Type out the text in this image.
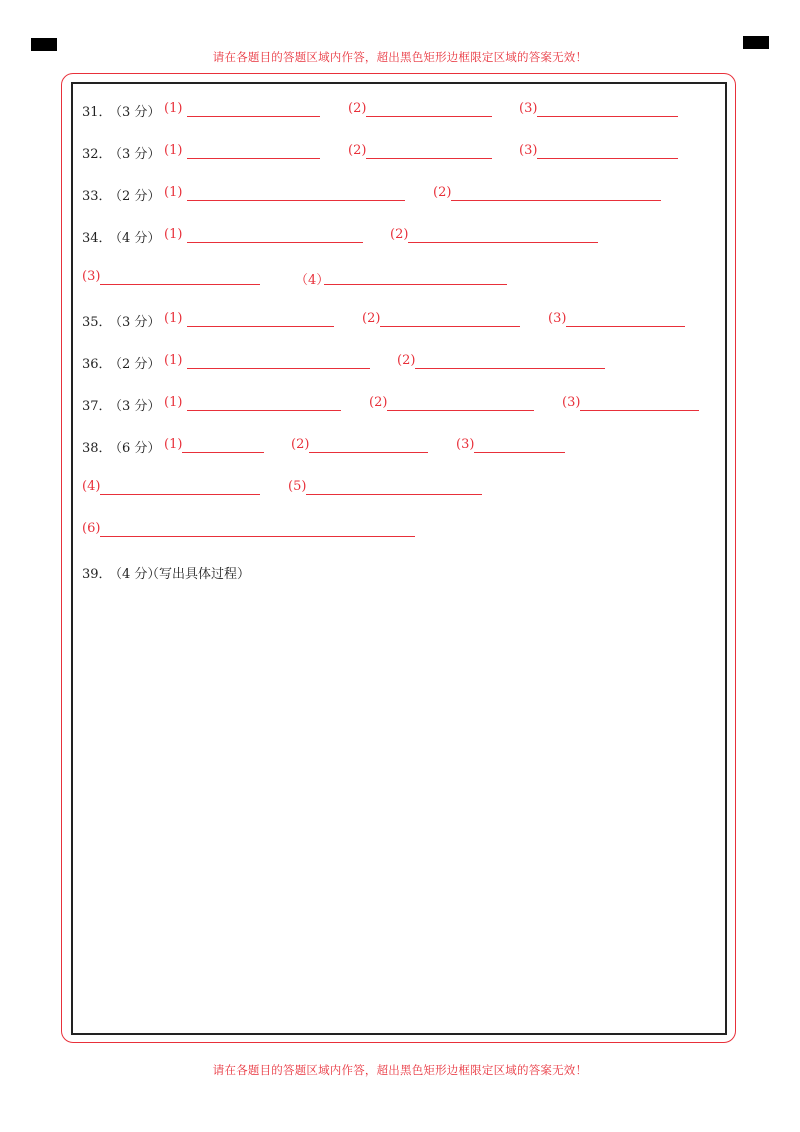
请在各题目的答题区域内作答，超出黑色矩形边框限定区域的答案无效！
31．
（3 分） (1)	(2)	(3)
32．
（3 分） (1)	(2)	(3)
33．
（2 分） (1)	(2)
34．
（4 分） (1)	(2)
(3)	（4）
35．
（3 分） (1)	(2)	(3)
36．
（2 分） (1)	(2)
37．
（3 分） (1)	(2)	(3)
38．
（6 分） (1)	(2)	(3)
(4)	(5)
(6)
39．
（4 分）
（写出具体过程）
请在各题目的答题区域内作答，超出黑色矩形边框限定区域的答案无效！
